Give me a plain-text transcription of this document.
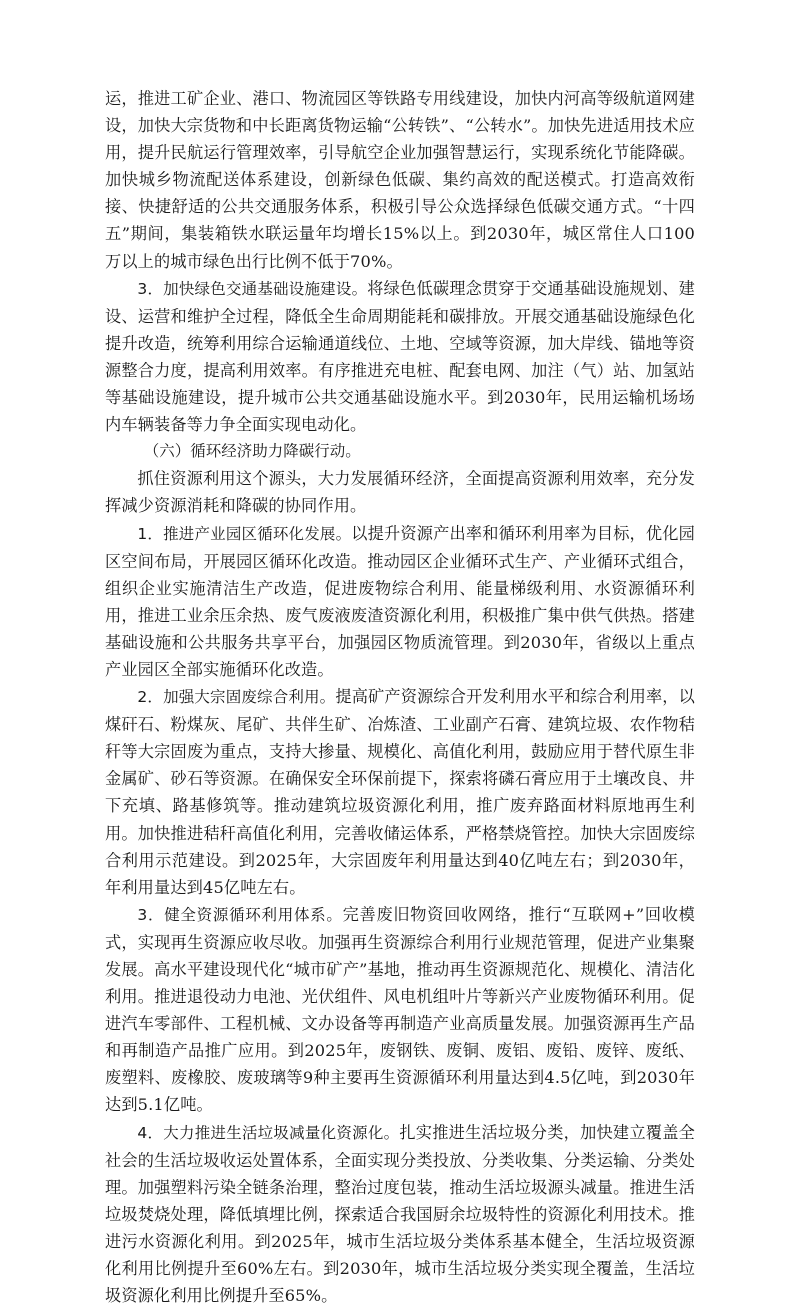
运，推进工矿企业、港口、物流园区等铁路专用线建设，加快内河高等级航道网建设，加快大宗货物和中长距离货物运输“公转铁”、“公转水”。加快先进适用技术应用，提升民航运行管理效率，引导航空企业加强智慧运行，实现系统化节能降碳。加快城乡物流配送体系建设，创新绿色低碳、集约高效的配送模式。打造高效衔接、快捷舒适的公共交通服务体系，积极引导公众选择绿色低碳交通方式。“十四五”期间，集装箱铁水联运量年均增长15%以上。到2030年，城区常住人口100万以上的城市绿色出行比例不低于70%。

3．加快绿色交通基础设施建设。将绿色低碳理念贯穿于交通基础设施规划、建设、运营和维护全过程，降低全生命周期能耗和碳排放。开展交通基础设施绿色化提升改造，统筹利用综合运输通道线位、土地、空域等资源，加大岸线、锚地等资源整合力度，提高利用效率。有序推进充电桩、配套电网、加注（气）站、加氢站等基础设施建设，提升城市公共交通基础设施水平。到2030年，民用运输机场场内车辆装备等力争全面实现电动化。

（六）循环经济助力降碳行动。

抓住资源利用这个源头，大力发展循环经济，全面提高资源利用效率，充分发挥减少资源消耗和降碳的协同作用。

1．推进产业园区循环化发展。以提升资源产出率和循环利用率为目标，优化园区空间布局，开展园区循环化改造。推动园区企业循环式生产、产业循环式组合，组织企业实施清洁生产改造，促进废物综合利用、能量梯级利用、水资源循环利用，推进工业余压余热、废气废液废渣资源化利用，积极推广集中供气供热。搭建基础设施和公共服务共享平台，加强园区物质流管理。到2030年，省级以上重点产业园区全部实施循环化改造。

2．加强大宗固废综合利用。提高矿产资源综合开发利用水平和综合利用率，以煤矸石、粉煤灰、尾矿、共伴生矿、冶炼渣、工业副产石膏、建筑垃圾、农作物秸秆等大宗固废为重点，支持大掺量、规模化、高值化利用，鼓励应用于替代原生非金属矿、砂石等资源。在确保安全环保前提下，探索将磷石膏应用于土壤改良、井下充填、路基修筑等。推动建筑垃圾资源化利用，推广废弃路面材料原地再生利用。加快推进秸秆高值化利用，完善收储运体系，严格禁烧管控。加快大宗固废综合利用示范建设。到2025年，大宗固废年利用量达到40亿吨左右；到2030年，年利用量达到45亿吨左右。

3．健全资源循环利用体系。完善废旧物资回收网络，推行“互联网+”回收模式，实现再生资源应收尽收。加强再生资源综合利用行业规范管理，促进产业集聚发展。高水平建设现代化“城市矿产”基地，推动再生资源规范化、规模化、清洁化利用。推进退役动力电池、光伏组件、风电机组叶片等新兴产业废物循环利用。促进汽车零部件、工程机械、文办设备等再制造产业高质量发展。加强资源再生产品和再制造产品推广应用。到2025年，废钢铁、废铜、废铝、废铅、废锌、废纸、废塑料、废橡胶、废玻璃等9种主要再生资源循环利用量达到4.5亿吨，到2030年达到5.1亿吨。

4．大力推进生活垃圾减量化资源化。扎实推进生活垃圾分类，加快建立覆盖全社会的生活垃圾收运处置体系，全面实现分类投放、分类收集、分类运输、分类处理。加强塑料污染全链条治理，整治过度包装，推动生活垃圾源头减量。推进生活垃圾焚烧处理，降低填埋比例，探索适合我国厨余垃圾特性的资源化利用技术。推进污水资源化利用。到2025年，城市生活垃圾分类体系基本健全，生活垃圾资源化利用比例提升至60%左右。到2030年，城市生活垃圾分类实现全覆盖，生活垃圾资源化利用比例提升至65%。
